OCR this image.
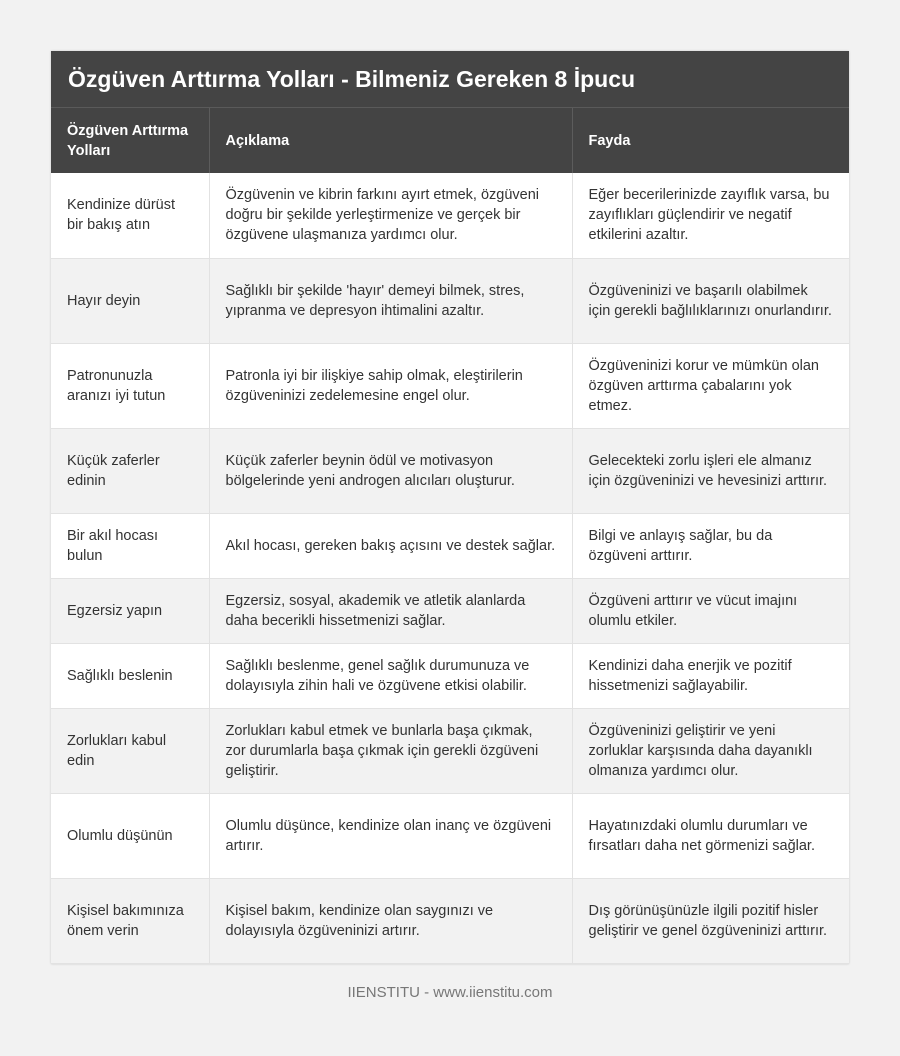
Özgüven Arttırma Yolları - Bilmeniz Gereken 8 İpucu
Özgüven Arttırma Yolları	Açıklama	Fayda
Kendinize dürüst bir bakış atın	Özgüvenin ve kibrin farkını ayırt etmek, özgüveni doğru bir şekilde yerleştirmenize ve gerçek bir özgüvene ulaşmanıza yardımcı olur.	Eğer becerilerinizde zayıflık varsa, bu zayıflıkları güçlendirir ve negatif etkilerini azaltır.
Hayır deyin	Sağlıklı bir şekilde 'hayır' demeyi bilmek, stres, yıpranma ve depresyon ihtimalini azaltır.	Özgüveninizi ve başarılı olabilmek için gerekli bağlılıklarınızı onurlandırır.
Patronunuzla aranızı iyi tutun	Patronla iyi bir ilişkiye sahip olmak, eleştirilerin özgüveninizi zedelemesine engel olur.	Özgüveninizi korur ve mümkün olan özgüven arttırma çabalarını yok etmez.
Küçük zaferler edinin	Küçük zaferler beynin ödül ve motivasyon bölgelerinde yeni androgen alıcıları oluşturur.	Gelecekteki zorlu işleri ele almanız için özgüveninizi ve hevesinizi arttırır.
Bir akıl hocası bulun	Akıl hocası, gereken bakış açısını ve destek sağlar.	Bilgi ve anlayış sağlar, bu da özgüveni arttırır.
Egzersiz yapın	Egzersiz, sosyal, akademik ve atletik alanlarda daha becerikli hissetmenizi sağlar.	Özgüveni arttırır ve vücut imajını olumlu etkiler.
Sağlıklı beslenin	Sağlıklı beslenme, genel sağlık durumunuza ve dolayısıyla zihin hali ve özgüvene etkisi olabilir.	Kendinizi daha enerjik ve pozitif hissetmenizi sağlayabilir.
Zorlukları kabul edin	Zorlukları kabul etmek ve bunlarla başa çıkmak, zor durumlarla başa çıkmak için gerekli özgüveni geliştirir.	Özgüveninizi geliştirir ve yeni zorluklar karşısında daha dayanıklı olmanıza yardımcı olur.
Olumlu düşünün	Olumlu düşünce, kendinize olan inanç ve özgüveni artırır.	Hayatınızdaki olumlu durumları ve fırsatları daha net görmenizi sağlar.
Kişisel bakımınıza önem verin	Kişisel bakım, kendinize olan saygınızı ve dolayısıyla özgüveninizi artırır.	Dış görünüşünüzle ilgili pozitif hisler geliştirir ve genel özgüveninizi arttırır.
IIENSTITU - www.iienstitu.com
